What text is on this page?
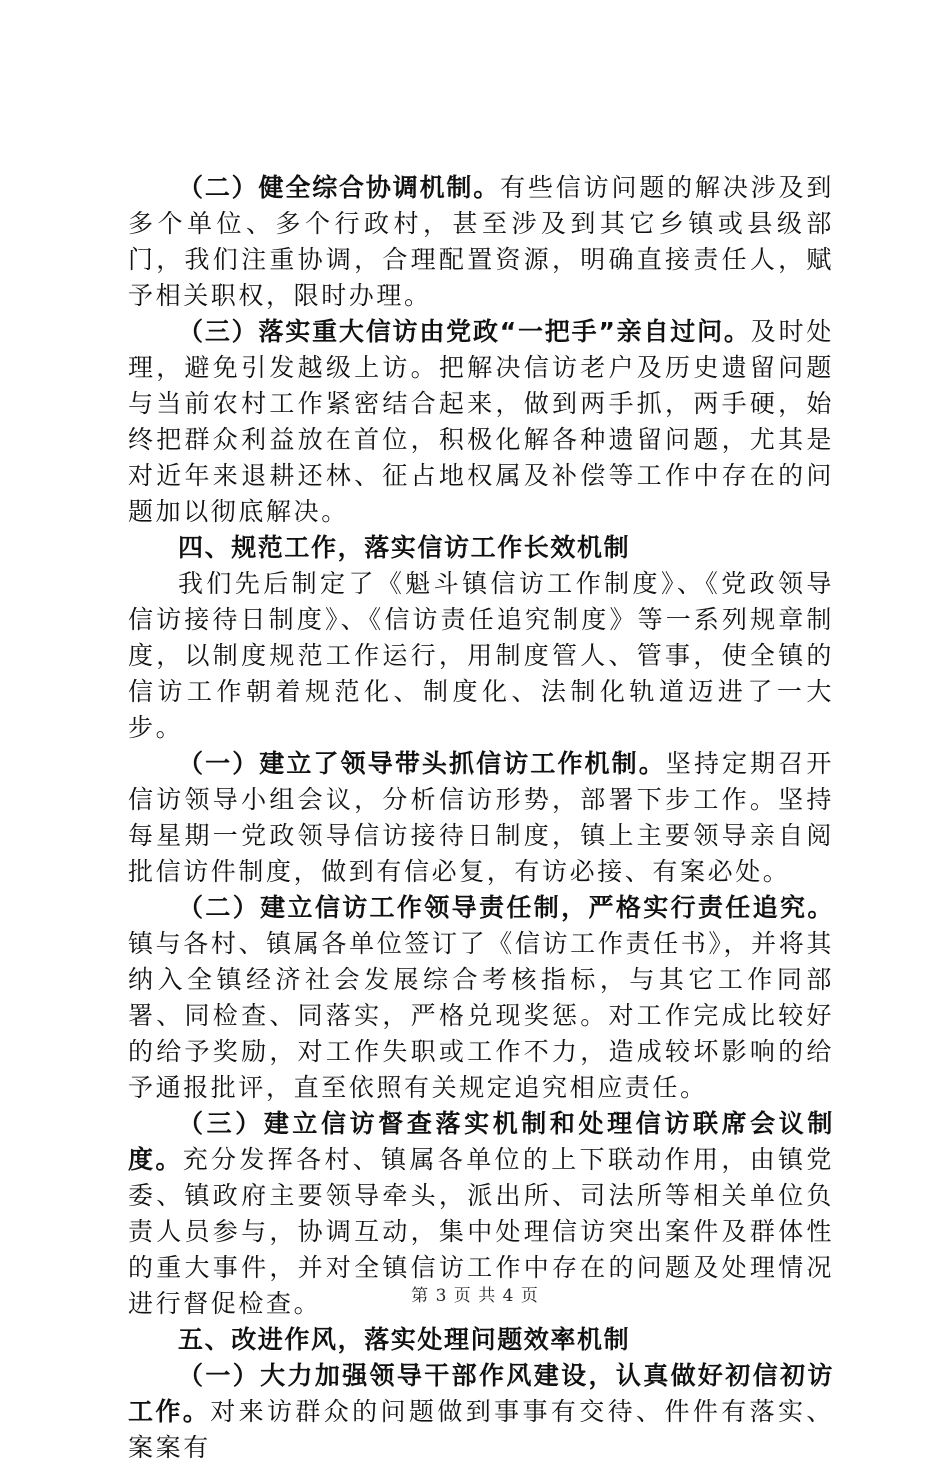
（二）健全综合协调机制。有些信访问题的解决涉及到多个单位、多个行政村，甚至涉及到其它乡镇或县级部门，我们注重协调，合理配置资源，明确直接责任人，赋予相关职权，限时办理。

（三）落实重大信访由党政“一把手”亲自过问。及时处理，避免引发越级上访。把解决信访老户及历史遗留问题与当前农村工作紧密结合起来，做到两手抓，两手硬，始终把群众利益放在首位，积极化解各种遗留问题，尤其是对近年来退耕还林、征占地权属及补偿等工作中存在的问题加以彻底解决。

四、规范工作，落实信访工作长效机制

我们先后制定了《魁斗镇信访工作制度》、《党政领导信访接待日制度》、《信访责任追究制度》等一系列规章制度，以制度规范工作运行，用制度管人、管事，使全镇的信访工作朝着规范化、制度化、法制化轨道迈进了一大步。

（一）建立了领导带头抓信访工作机制。坚持定期召开信访领导小组会议，分析信访形势，部署下步工作。坚持每星期一党政领导信访接待日制度，镇上主要领导亲自阅批信访件制度，做到有信必复，有访必接、有案必处。

（二）建立信访工作领导责任制，严格实行责任追究。镇与各村、镇属各单位签订了《信访工作责任书》，并将其纳入全镇经济社会发展综合考核指标，与其它工作同部署、同检查、同落实，严格兑现奖惩。对工作完成比较好的给予奖励，对工作失职或工作不力，造成较坏影响的给予通报批评，直至依照有关规定追究相应责任。

（三）建立信访督查落实机制和处理信访联席会议制度。充分发挥各村、镇属各单位的上下联动作用，由镇党委、镇政府主要领导牵头，派出所、司法所等相关单位负责人员参与，协调互动，集中处理信访突出案件及群体性的重大事件，并对全镇信访工作中存在的问题及处理情况进行督促检查。

五、改进作风，落实处理问题效率机制

（一）大力加强领导干部作风建设，认真做好初信初访工作。对来访群众的问题做到事事有交待、件件有落实、案案有

第 3 页 共 4 页
